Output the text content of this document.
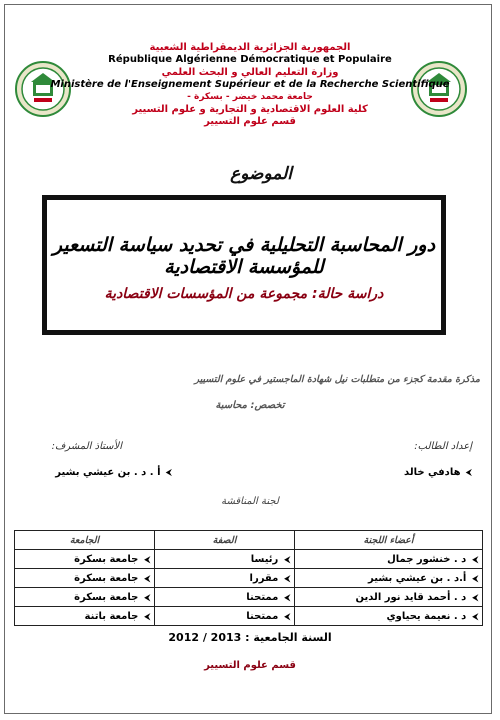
الجمهورية الجزائرية الديمقراطية الشعبية
République Algérienne Démocratique et Populaire
وزارة التعليم العالي و البحث العلمي
Ministère de l'Enseignement Supérieur et de la Recherche Scientifique
جامعة محمد خيضر - بسكرة -
كلية العلوم الاقتصادية و التجارية و علوم التسيير
قسم علوم التسيير
الموضوع
دور المحاسبة التحليلية في تحديد سياسة التسعير للمؤسسة الاقتصادية
دراسة حالة: مجموعة من المؤسسات الاقتصادية
مذكرة مقدمة كجزء من متطلبات نيل شهادة الماجستير في علوم التسيير
تخصص: محاسبة
إعداد الطالب:
⮜ هادفي خالد
الأستاذ المشرف:
⮜ أ . د . بن عيشي بشير
لجنة المناقشة
أعضاء اللجنة	الصفة	الجامعة
⮜د . خنشور جمال	⮜رئيسا	⮜جامعة بسكرة
⮜أ.د . بن عيشي بشير	⮜مقررا	⮜جامعة بسكرة
⮜د . أحمد قايد نور الدين	⮜ممتحنا	⮜جامعة بسكرة
⮜د . نعيمة يحياوي	⮜ممتحنا	⮜جامعة باتنة
السنة الجامعية : 2012 / 2013
قسم علوم التسيير
